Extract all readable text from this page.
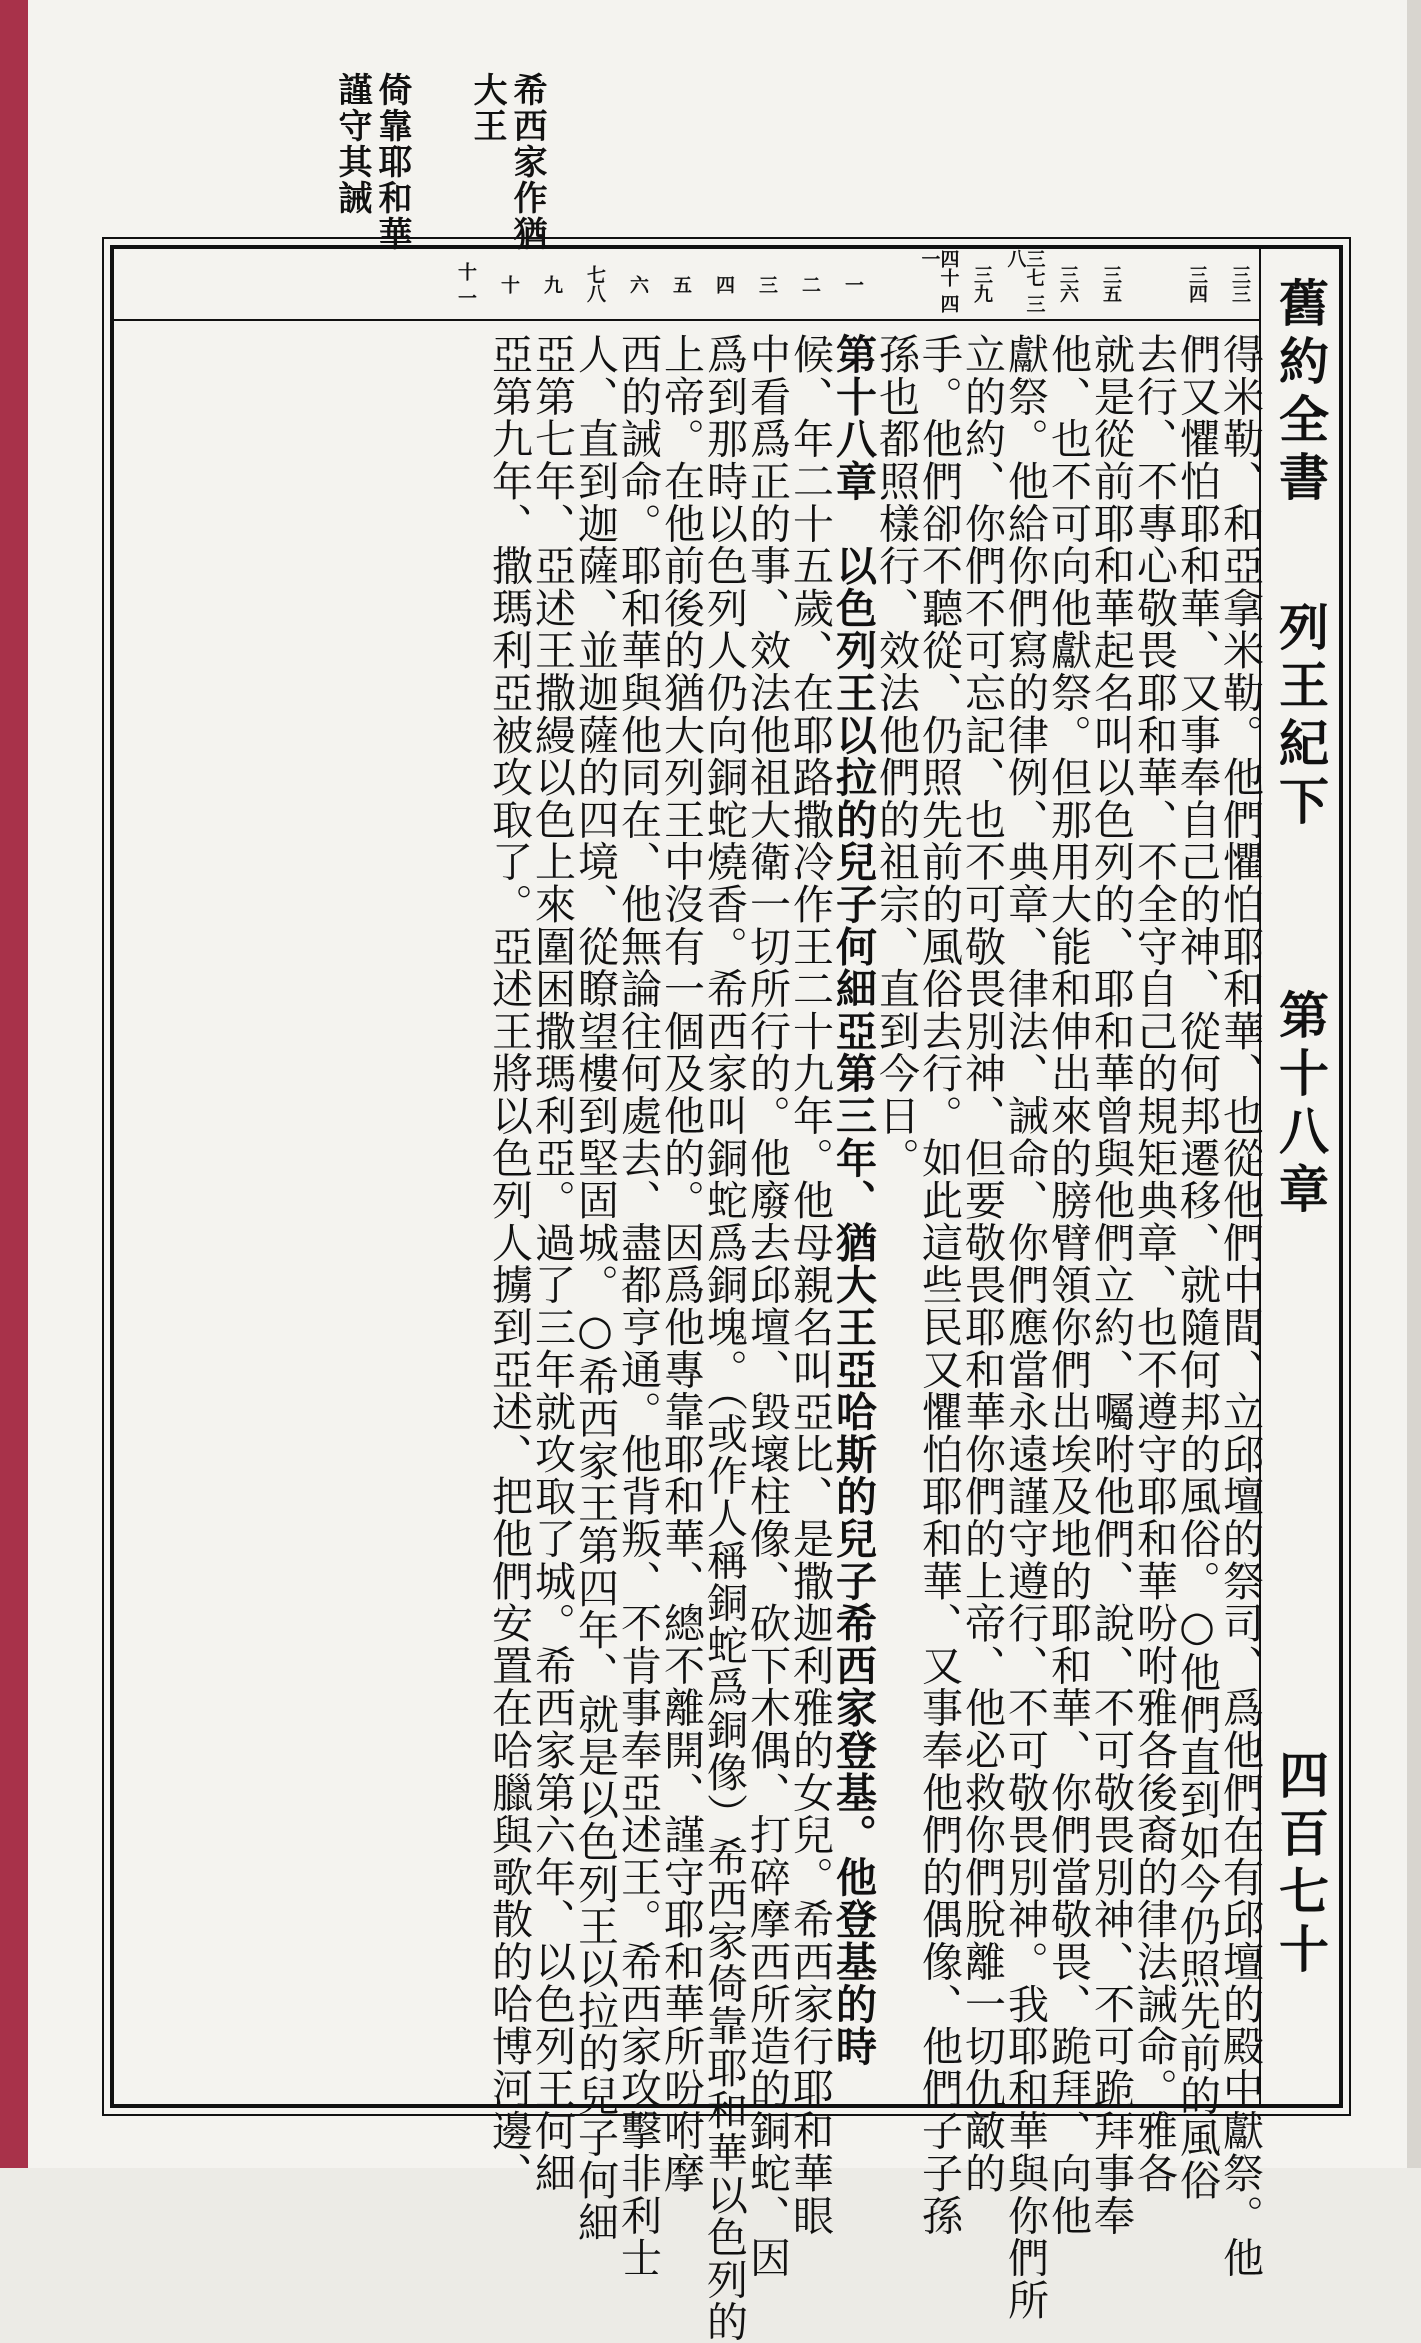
希西家作猶
大王
倚靠耶和華
謹守其誡
舊約全書
列王紀下
第十八章
四百七十
三三
三四
三五
三六
三七 三八
三九
四十 四一
一
二
三
四
五
六
七八
九
十
十 一
得米勒、和亞拿米勒。他們懼怕耶和華、也從他們中間、立邱壇的祭司、爲他們在有邱壇的殿中獻祭。他
們又懼怕耶和華、又事奉自己的神、從何邦遷移、就隨何邦的風俗。○他們直到如今仍照先前的風俗
去行、不專心敬畏耶和華、不全守自己的規矩典章、也不遵守耶和華吩咐雅各後裔的律法誡命。雅各
就是從前耶和華起名叫以色列的、耶和華曾與他們立約、囑咐他們、說、不可敬畏別神、不可跪拜事奉
他、也不可向他獻祭。但那用大能和伸出來的膀臂領你們出埃及地的耶和華、你們當敬畏、跪拜、向他
獻祭。他給你們寫的律例、典章、律法、誡命、你們應當永遠謹守遵行、不可敬畏別神。我耶和華與你們所
立的約、你們不可忘記、也不可敬畏別神、但要敬畏耶和華你們的上帝、他必救你們脫離一切仇敵的
手。他們卻不聽從、仍照先前的風俗去行。如此這些民又懼怕耶和華、又事奉他們的偶像、他們子子孫
孫也都照樣行、效法他們的祖宗、直到今日。
第十八章　以色列王以拉的兒子何細亞第三年、猶大王亞哈斯的兒子希西家登基。他登基的時
候、年二十五歲、在耶路撒冷作王二十九年。他母親名叫亞比、是撒迦利雅的女兒。希西家行耶和華眼
中看爲正的事、效法他祖大衛一切所行的。他廢去邱壇、毀壞柱像、砍下木偶、打碎摩西所造的銅蛇、因
爲到那時以色列人仍向銅蛇燒香。希西家叫銅蛇爲銅塊。（或作人稱銅蛇爲銅像）希西家倚靠耶和華以色列的
上帝。在他前後的猶大列王中沒有一個及他的。因爲他專靠耶和華、總不離開、謹守耶和華所吩咐摩
西的誡命。耶和華與他同在、他無論往何處去、盡都亨通。他背叛、不肯事奉亞述王。希西家攻擊非利士
人、直到迦薩、並迦薩的四境、從瞭望樓到堅固城。○希西家王第四年、就是以色列王以拉的兒子何細
亞第七年、亞述王撒縵以色上來圍困撒瑪利亞。過了三年就攻取了城。希西家第六年、以色列王何細
亞第九年、撒瑪利亞被攻取了。亞述王將以色列人擄到亞述、把他們安置在哈臘與歌散的哈博河邊、
